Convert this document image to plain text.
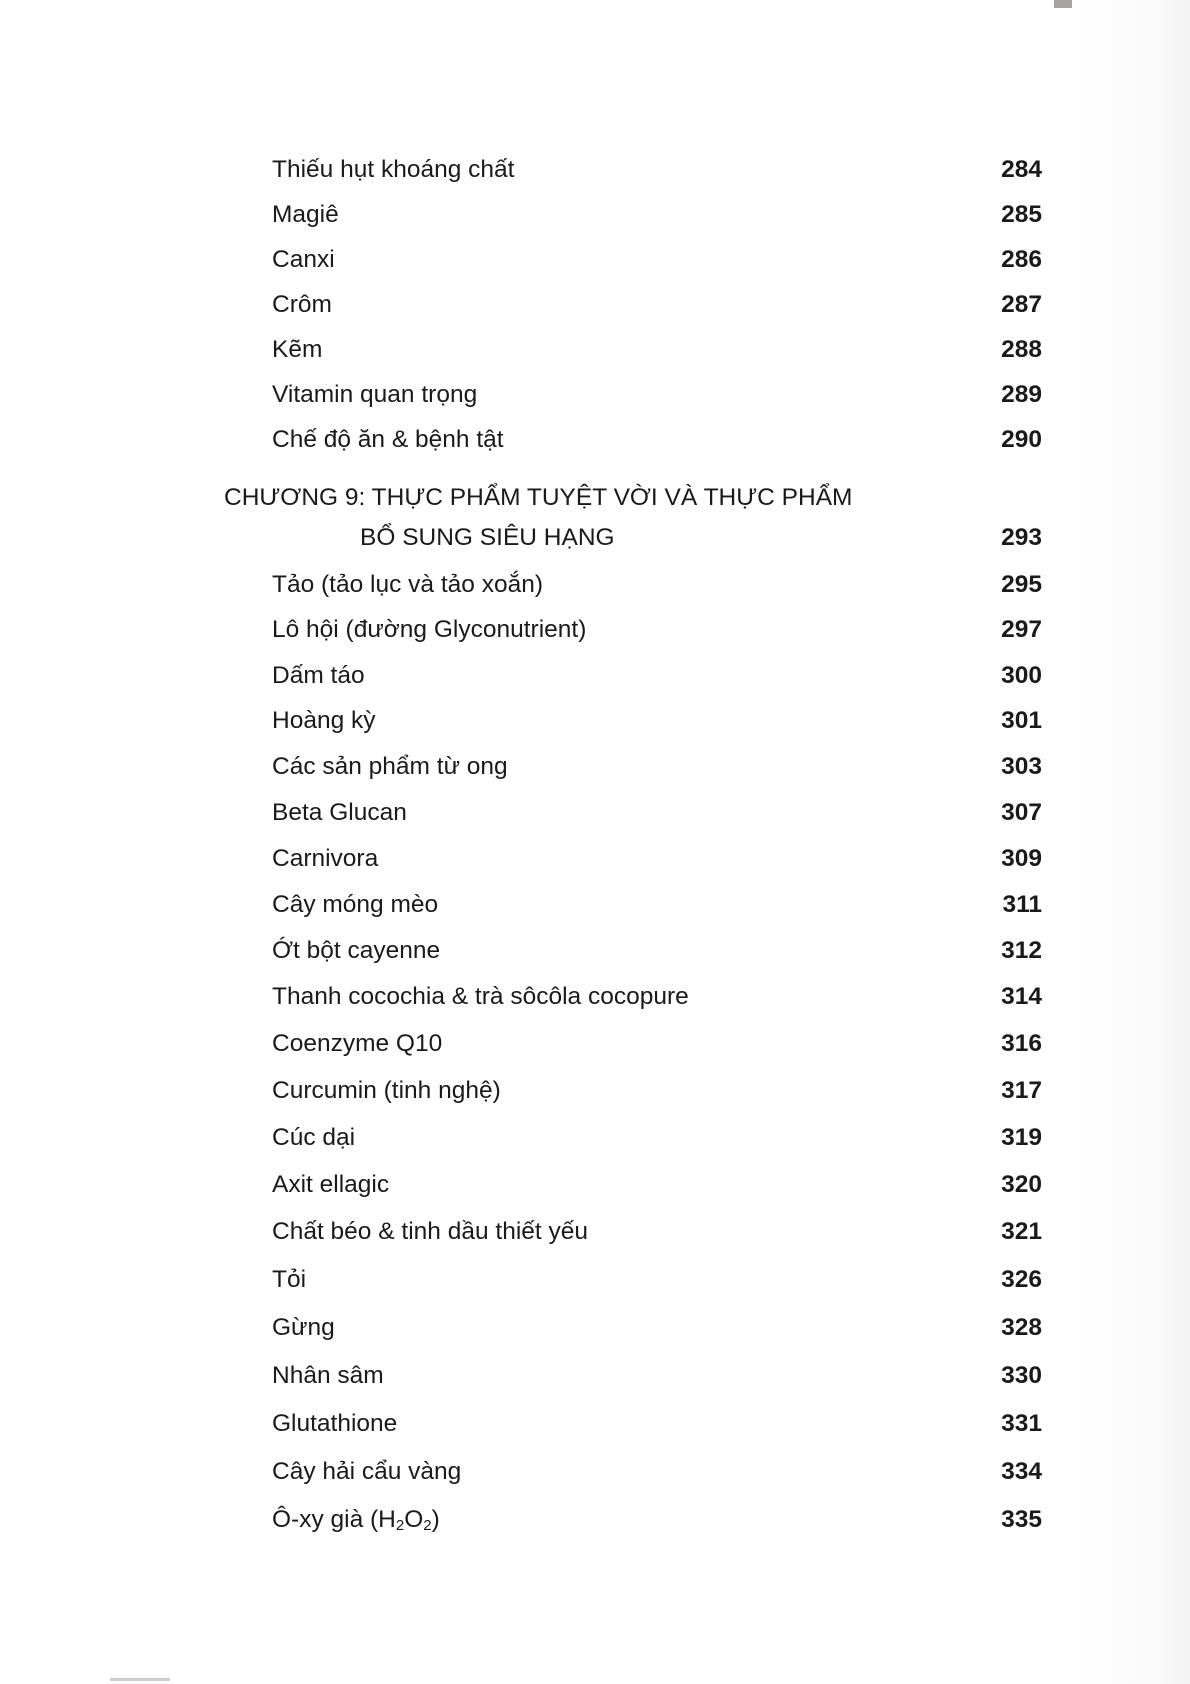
Thiếu hụt khoáng chất	284
Magiê	285
Canxi	286
Crôm	287
Kẽm	288
Vitamin quan trọng	289
Chế độ ăn & bệnh tật	290
CHƯƠNG 9: THỰC PHẨM TUYỆT VỜI VÀ THỰC PHẨM
BỔ SUNG SIÊU HẠNG	293
Tảo (tảo lục và tảo xoắn)	295
Lô hội (đường Glyconutrient)	297
Dấm táo	300
Hoàng kỳ	301
Các sản phẩm từ ong	303
Beta Glucan	307
Carnivora	309
Cây móng mèo	311
Ớt bột cayenne	312
Thanh cocochia & trà sôcôla cocopure	314
Coenzyme Q10	316
Curcumin (tinh nghệ)	317
Cúc dại	319
Axit ellagic	320
Chất béo & tinh dầu thiết yếu	321
Tỏi	326
Gừng	328
Nhân sâm	330
Glutathione	331
Cây hải cẩu vàng	334
Ô-xy già $(H_2O_2)$	335
